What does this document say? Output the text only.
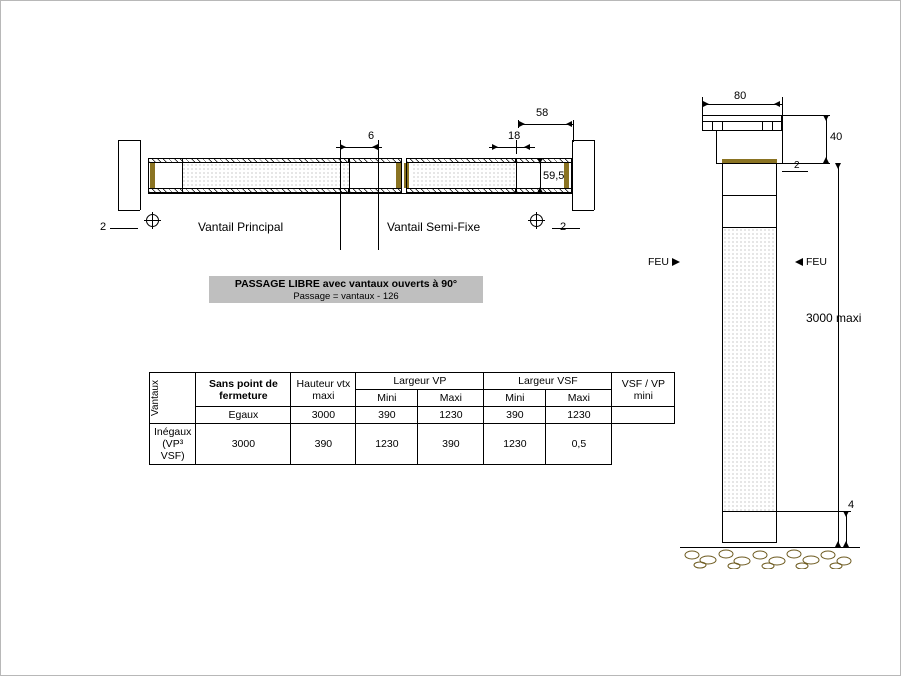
6	18
58
59,5
2	2
Vantail Principal	Vantail Semi-Fixe
PASSAGE LIBRE avec vantaux ouverts à 90°
Passage = vantaux - 126
Vantaux	Sans point de fermeture	Hauteur vtx maxi	Largeur VP		Largeur VSF		VSF / VP mini
			Mini	Maxi	Mini	Maxi	
	Egaux	3000	390	1230	390	1230	
Inégaux (VP³ VSF)	3000	390	1230	390	1230	0,5	
80
40
2
3000 maxi
4
FEU	FEU
